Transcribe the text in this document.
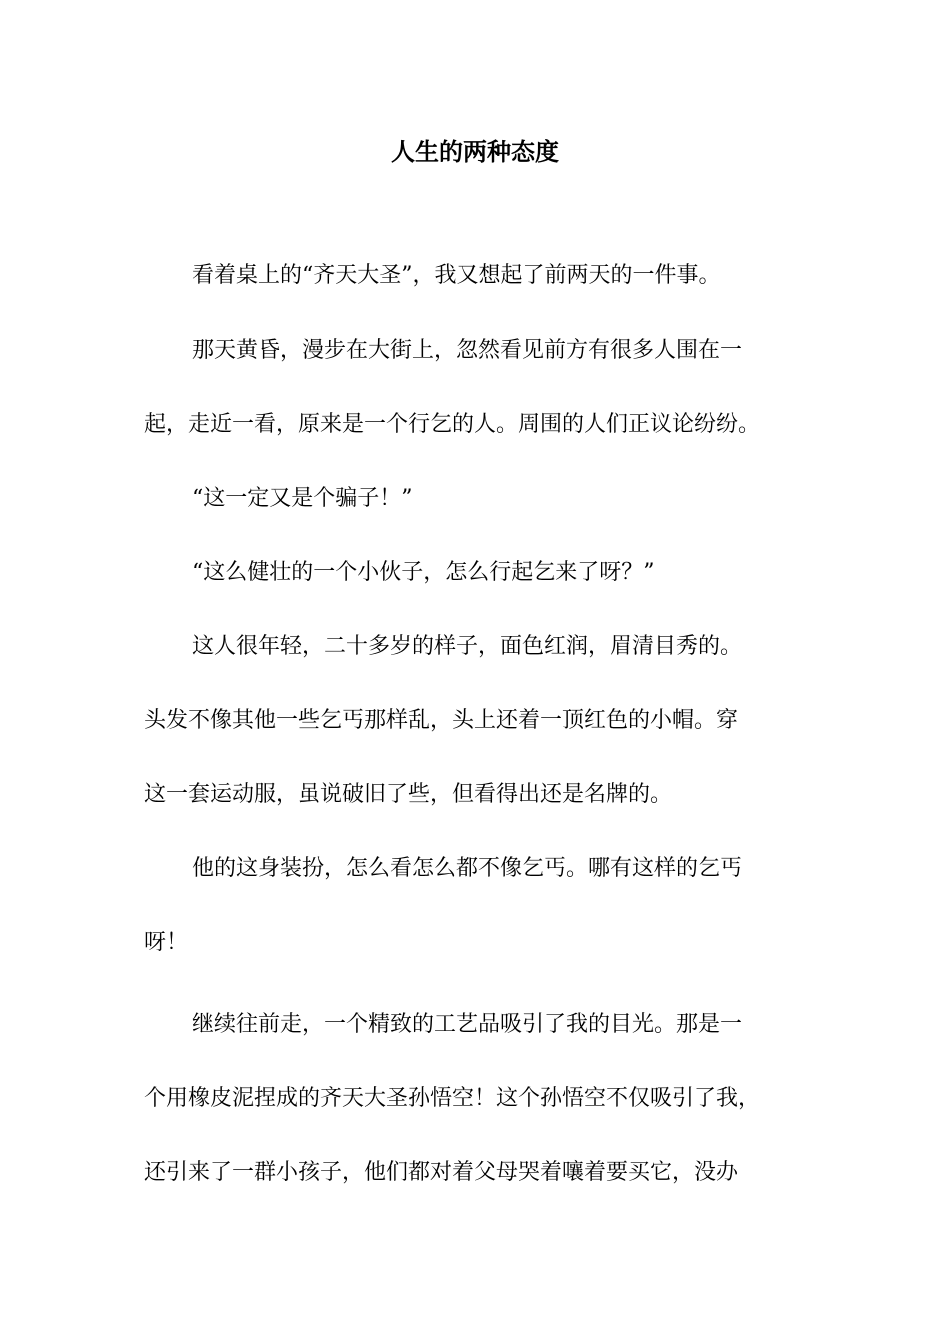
人生的两种态度

看着桌上的“齐天大圣”，我又想起了前两天的一件事。

那天黄昏，漫步在大街上，忽然看见前方有很多人围在一

起，走近一看，原来是一个行乞的人。周围的人们正议论纷纷。

“这一定又是个骗子！”

“这么健壮的一个小伙子，怎么行起乞来了呀？”

这人很年轻，二十多岁的样子，面色红润，眉清目秀的。

头发不像其他一些乞丐那样乱，头上还着一顶红色的小帽。穿

这一套运动服，虽说破旧了些，但看得出还是名牌的。

他的这身装扮，怎么看怎么都不像乞丐。哪有这样的乞丐

呀！

继续往前走，一个精致的工艺品吸引了我的目光。那是一

个用橡皮泥捏成的齐天大圣孙悟空！这个孙悟空不仅吸引了我，

还引来了一群小孩子，他们都对着父母哭着嚷着要买它，没办
